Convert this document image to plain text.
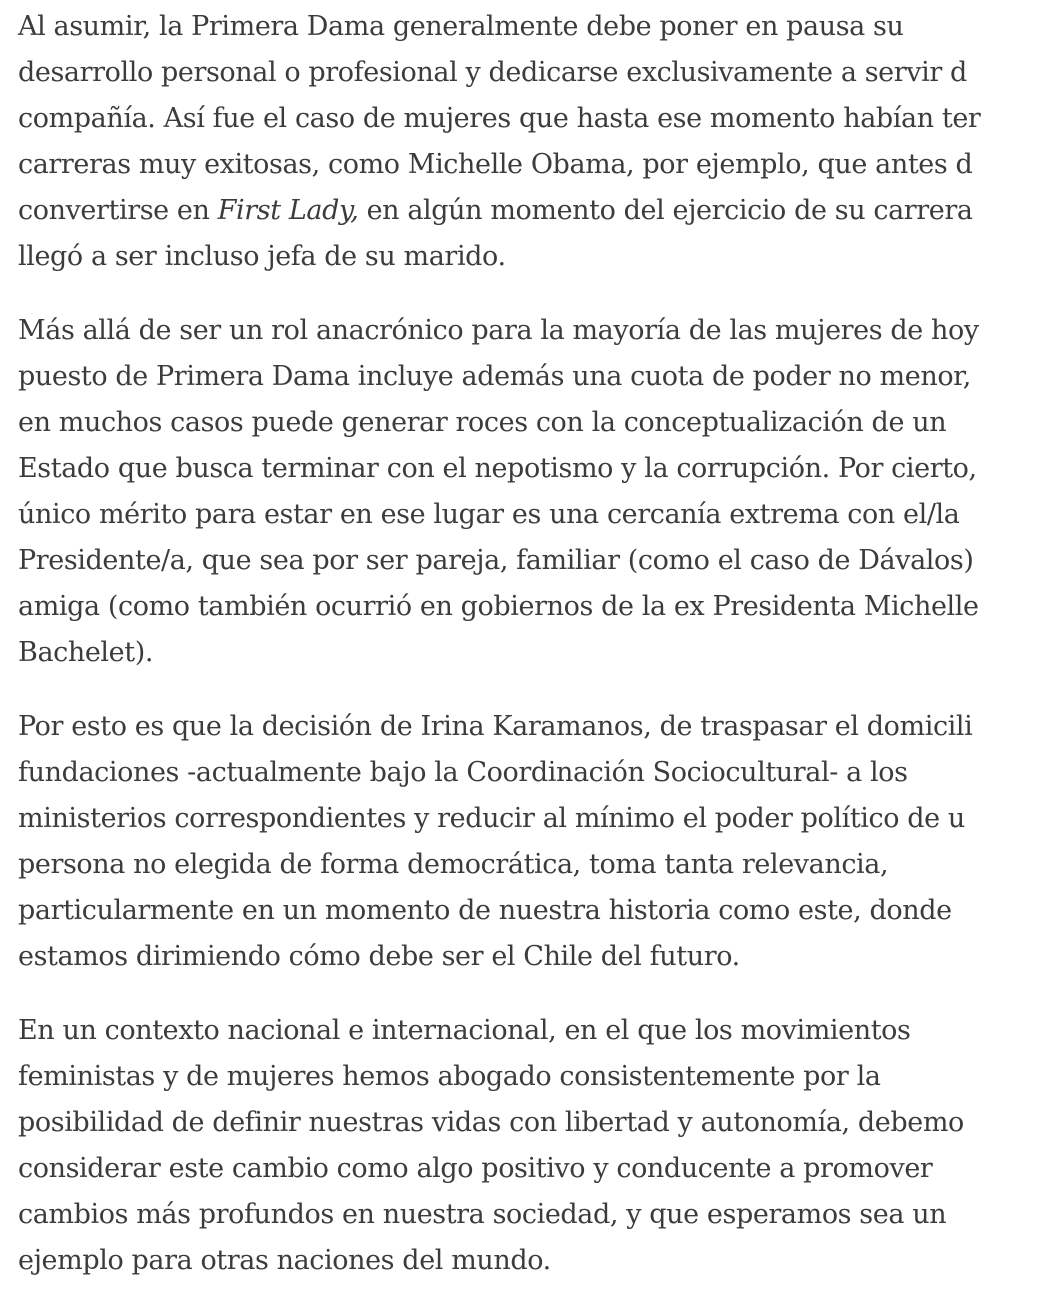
Al asumir, la Primera Dama generalmente debe poner en pausa su
desarrollo personal o profesional y dedicarse exclusivamente a servir d
compañía. Así fue el caso de mujeres que hasta ese momento habían ter
carreras muy exitosas, como Michelle Obama, por ejemplo, que antes d
convertirse en First Lady, en algún momento del ejercicio de su carrera
llegó a ser incluso jefa de su marido.

Más allá de ser un rol anacrónico para la mayoría de las mujeres de hoy
puesto de Primera Dama incluye además una cuota de poder no menor,
en muchos casos puede generar roces con la conceptualización de un
Estado que busca terminar con el nepotismo y la corrupción. Por cierto,
único mérito para estar en ese lugar es una cercanía extrema con el/la
Presidente/a, que sea por ser pareja, familiar (como el caso de Dávalos)
amiga (como también ocurrió en gobiernos de la ex Presidenta Michelle
Bachelet).

Por esto es que la decisión de Irina Karamanos, de traspasar el domicili
fundaciones -actualmente bajo la Coordinación Sociocultural- a los
ministerios correspondientes y reducir al mínimo el poder político de u
persona no elegida de forma democrática, toma tanta relevancia,
particularmente en un momento de nuestra historia como este, donde
estamos dirimiendo cómo debe ser el Chile del futuro.

En un contexto nacional e internacional, en el que los movimientos
feministas y de mujeres hemos abogado consistentemente por la
posibilidad de definir nuestras vidas con libertad y autonomía, debemo
considerar este cambio como algo positivo y conducente a promover
cambios más profundos en nuestra sociedad, y que esperamos sea un
ejemplo para otras naciones del mundo.
